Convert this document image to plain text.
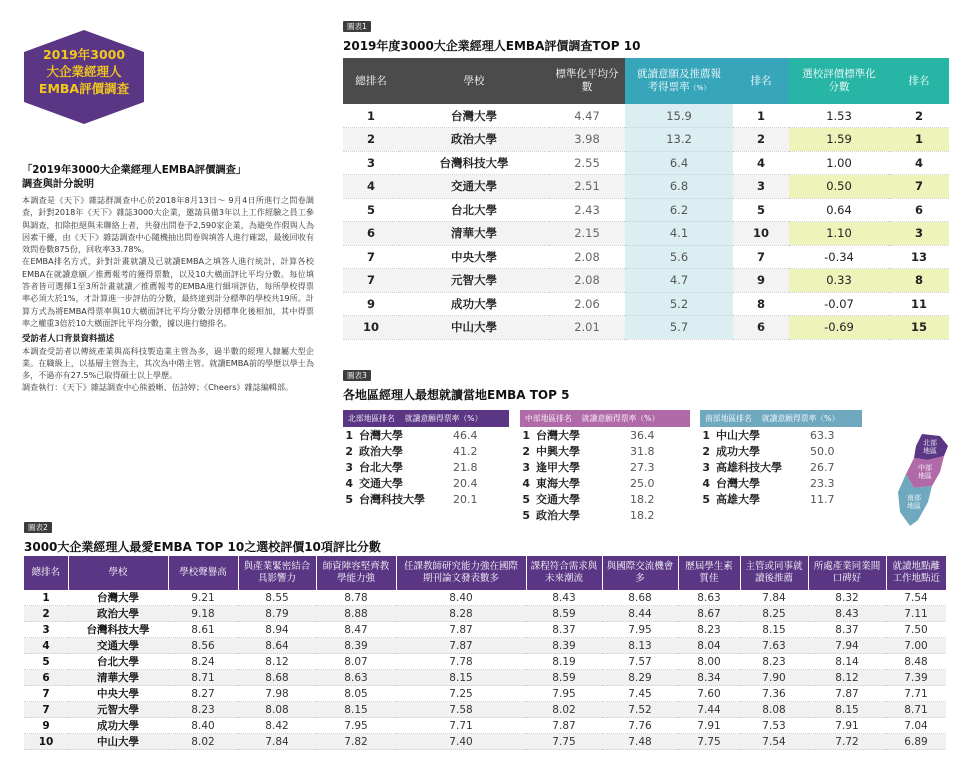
2019年3000
大企業經理人
EMBA評價調查
「2019年3000大企業經理人EMBA評價調查」
調查與計分說明
本調查是《天下》雜誌群調查中心於2018年8月13日～ 9月4日所進行之問卷調查，針對2018年《天下》雜誌3000大企業，邀請具備3年以上工作經驗之員工參與調查，扣除拒絕與未聯絡上者，共發出問卷予2,590家企業，為避免作假與人為因素干擾，由《天下》雜誌調查中心隨機抽出問卷與填答人進行確認，最後回收有效問卷數875份，回收率33.78%。
在EMBA排名方式，針對計畫就讀及已就讀EMBA之填答人進行統計，計算各校EMBA在就讀意願／推薦報考的獲得票數，以及10大橫面評比平均分數。每位填答者皆可選擇1至3所計畫就讀／推薦報考的EMBA進行細項評估，每所學校得票率必須大於1%，才計算進一步評估的分數，最終達到計分標準的學校共19所。計算方式為將EMBA得票率與10大橫面評比平均分數分別標準化後相加，其中得票率之權重3倍於10大橫面評比平均分數，據以進行總排名。
受訪者人口背景資料描述
本調查受訪者以傳統產業與高科技製造業主管為多，過半數的經理人隸屬大型企業。在職級上，以基層主管為主，其次為中階主管。就讀EMBA前的學歷以學士為多，不過亦有27.5%已取得碩士以上學歷。
調查執行：《天下》雜誌調查中心熊毅晰、伍詩婷；《Cheers》雜誌編輯部。
圖表1
2019年度3000大企業經理人EMBA評價調查TOP 10
總排名	學校	標準化平均分數	就讀意願及推薦報考得票率（%）	排名	選校評價標準化分數	排名
1	台灣大學	4.47	15.9	1	1.53	2
2	政治大學	3.98	13.2	2	1.59	1
3	台灣科技大學	2.55	6.4	4	1.00	4
4	交通大學	2.51	6.8	3	0.50	7
5	台北大學	2.43	6.2	5	0.64	6
6	清華大學	2.15	4.1	10	1.10	3
7	中央大學	2.08	5.6	7	-0.34	13
7	元智大學	2.08	4.7	9	0.33	8
9	成功大學	2.06	5.2	8	-0.07	11
10	中山大學	2.01	5.7	6	-0.69	15
圖表3
各地區經理人最想就讀當地EMBA TOP 5
北部地區排名	就讀意願得票率（%）
1 台灣大學	46.4
2 政治大學	41.2
3 台北大學	21.8
4 交通大學	20.4
5 台灣科技大學	20.1
中部地區排名	就讀意願得票率（%）
1 台灣大學	36.4
2 中興大學	31.8
3 逢甲大學	27.3
4 東海大學	25.0
5 交通大學	18.2
5 政治大學	18.2
南部地區排名	就讀意願得票率（%）
1 中山大學	63.3
2 成功大學	50.0
3 高雄科技大學	26.7
4 台灣大學	23.3
5 高雄大學	11.7
北部地區
中部地區
南部地區
圖表2
3000大企業經理人最愛EMBA TOP 10之選校評價10項評比分數
總排名	學校	學校聲譽高	與產業緊密結合具影響力	師資陣容堅齊教學能力強	任課教師研究能力強在國際期刊論文發表數多	課程符合需求與未來潮流	與國際交流機會多	歷屆學生素質佳	主管或同事就讀後推薦	所處產業同業間口碑好	就讀地點離工作地點近
1	台灣大學	9.21	8.55	8.78	8.40	8.43	8.68	8.63	7.84	8.32	7.54
2	政治大學	9.18	8.79	8.88	8.28	8.59	8.44	8.67	8.25	8.43	7.11
3	台灣科技大學	8.61	8.94	8.47	7.87	8.37	7.95	8.23	8.15	8.37	7.50
4	交通大學	8.56	8.64	8.39	7.87	8.39	8.13	8.04	7.63	7.94	7.00
5	台北大學	8.24	8.12	8.07	7.78	8.19	7.57	8.00	8.23	8.14	8.48
6	清華大學	8.71	8.68	8.63	8.15	8.59	8.29	8.34	7.90	8.12	7.39
7	中央大學	8.27	7.98	8.05	7.25	7.95	7.45	7.60	7.36	7.87	7.71
7	元智大學	8.23	8.08	8.15	7.58	8.02	7.52	7.44	8.08	8.15	8.71
9	成功大學	8.40	8.42	7.95	7.71	7.87	7.76	7.91	7.53	7.91	7.04
10	中山大學	8.02	7.84	7.82	7.40	7.75	7.48	7.75	7.54	7.72	6.89
